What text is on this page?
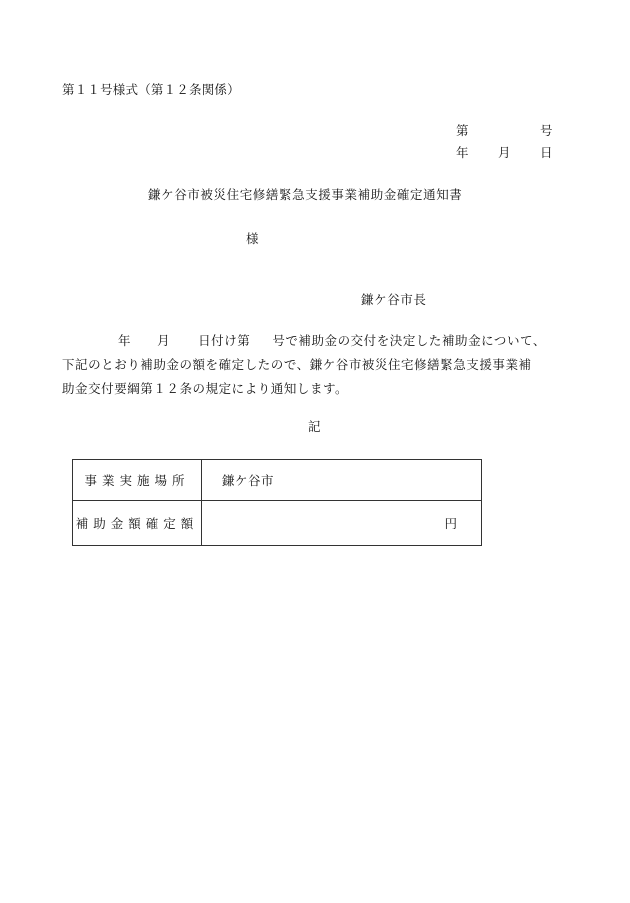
第１１号様式（第１２条関係）
第	号
年 月 日
鎌ケ谷市被災住宅修繕緊急支援事業補助金確定通知書
様
鎌ケ谷市長
年 月 日付け第 号で補助金の交付を決定した補助金について、
下記のとおり補助金の額を確定したので、鎌ケ谷市被災住宅修繕緊急支援事業補
助金交付要綱第１２条の規定により通知します。
記
事業実施場所	鎌ケ谷市
補助金額確定額	円
